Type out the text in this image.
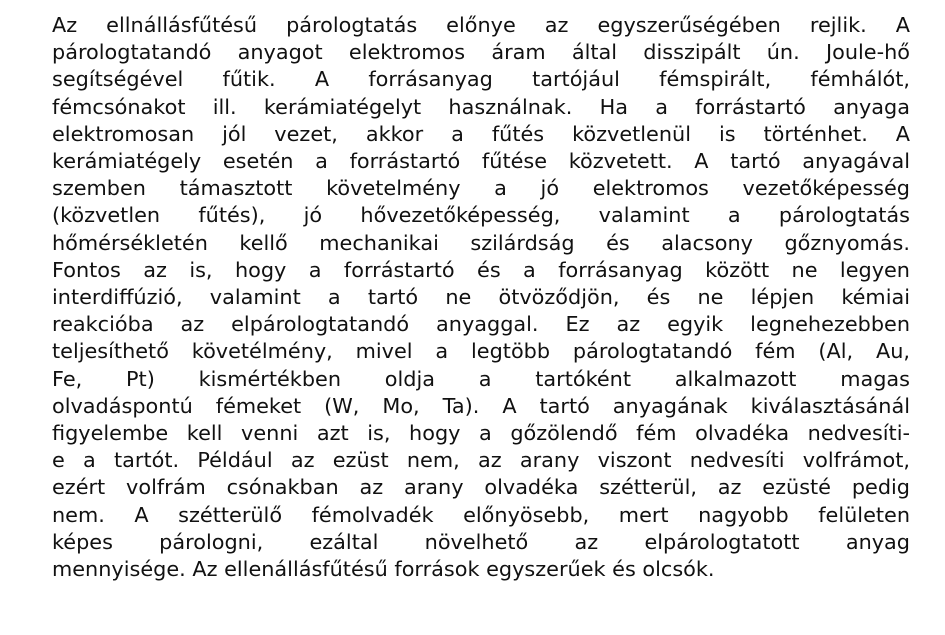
Az ellnállásfűtésű párologtatás előnye az egyszerűségében rejlik. A
párologtatandó anyagot elektromos áram által disszipált ún. Joule-hő
segítségével fűtik. A forrásanyag tartójául fémspirált, fémhálót,
fémcsónakot ill. kerámiatégelyt használnak. Ha a forrástartó anyaga
elektromosan jól vezet, akkor a fűtés közvetlenül is történhet. A
kerámiatégely esetén a forrástartó fűtése közvetett. A tartó anyagával
szemben támasztott követelmény a jó elektromos vezetőképesség
(közvetlen fűtés), jó hővezetőképesség, valamint a párologtatás
hőmérsékletén kellő mechanikai szilárdság és alacsony gőznyomás.
Fontos az is, hogy a forrástartó és a forrásanyag között ne legyen
interdiffúzió, valamint a tartó ne ötvöződjön, és ne lépjen kémiai
reakcióba az elpárologtatandó anyaggal. Ez az egyik legnehezebben
teljesíthető követélmény, mivel a legtöbb párologtatandó fém (Al, Au,
Fe, Pt) kismértékben oldja a tartóként alkalmazott magas
olvadáspontú fémeket (W, Mo, Ta). A tartó anyagának kiválasztásánál
figyelembe kell venni azt is, hogy a gőzölendő fém olvadéka nedvesíti-
e a tartót. Például az ezüst nem, az arany viszont nedvesíti volfrámot,
ezért volfrám csónakban az arany olvadéka szétterül, az ezüsté pedig
nem. A szétterülő fémolvadék előnyösebb, mert nagyobb felületen
képes párologni, ezáltal növelhető az elpárologtatott anyag
mennyisége. Az ellenállásfűtésű források egyszerűek és olcsók.
